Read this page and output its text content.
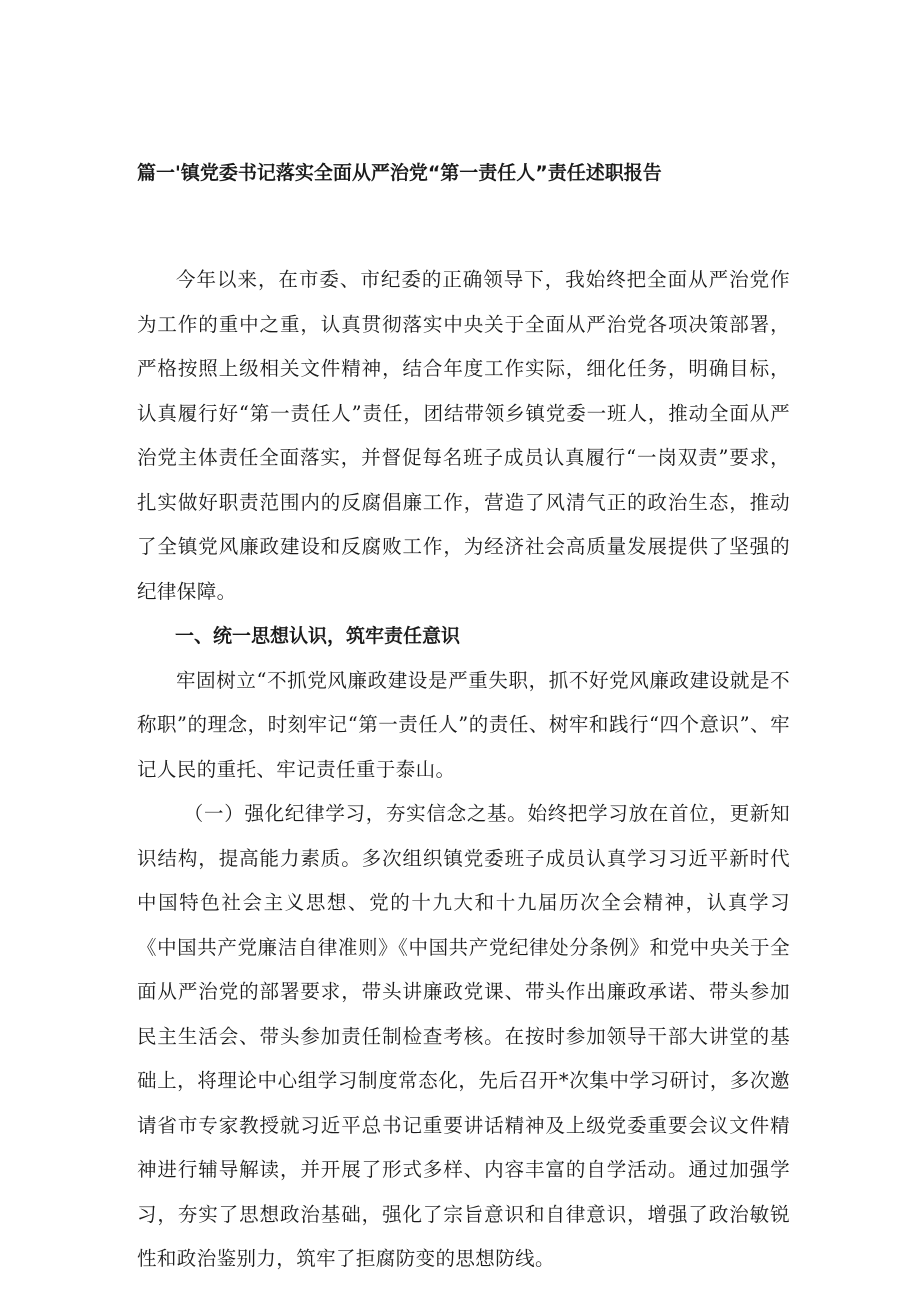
篇一'镇党委书记落实全面从严治党“第一责任人”责任述职报告

今年以来，在市委、市纪委的正确领导下，我始终把全面从严治党作为工作的重中之重，认真贯彻落实中央关于全面从严治党各项决策部署，严格按照上级相关文件精神，结合年度工作实际，细化任务，明确目标，认真履行好“第一责任人”责任，团结带领乡镇党委一班人，推动全面从严治党主体责任全面落实，并督促每名班子成员认真履行“一岗双责”要求，扎实做好职责范围内的反腐倡廉工作，营造了风清气正的政治生态，推动了全镇党风廉政建设和反腐败工作，为经济社会高质量发展提供了坚强的纪律保障。

一、统一思想认识，筑牢责任意识

牢固树立“不抓党风廉政建设是严重失职，抓不好党风廉政建设就是不称职”的理念，时刻牢记“第一责任人”的责任、树牢和践行“四个意识”、牢记人民的重托、牢记责任重于泰山。

（一）强化纪律学习，夯实信念之基。始终把学习放在首位，更新知识结构，提高能力素质。多次组织镇党委班子成员认真学习习近平新时代中国特色社会主义思想、党的十九大和十九届历次全会精神，认真学习《中国共产党廉洁自律准则》《中国共产党纪律处分条例》和党中央关于全面从严治党的部署要求，带头讲廉政党课、带头作出廉政承诺、带头参加民主生活会、带头参加责任制检查考核。在按时参加领导干部大讲堂的基础上，将理论中心组学习制度常态化，先后召开*次集中学习研讨，多次邀请省市专家教授就习近平总书记重要讲话精神及上级党委重要会议文件精神进行辅导解读，并开展了形式多样、内容丰富的自学活动。通过加强学习，夯实了思想政治基础，强化了宗旨意识和自律意识，增强了政治敏锐性和政治鉴别力，筑牢了拒腐防变的思想防线。
